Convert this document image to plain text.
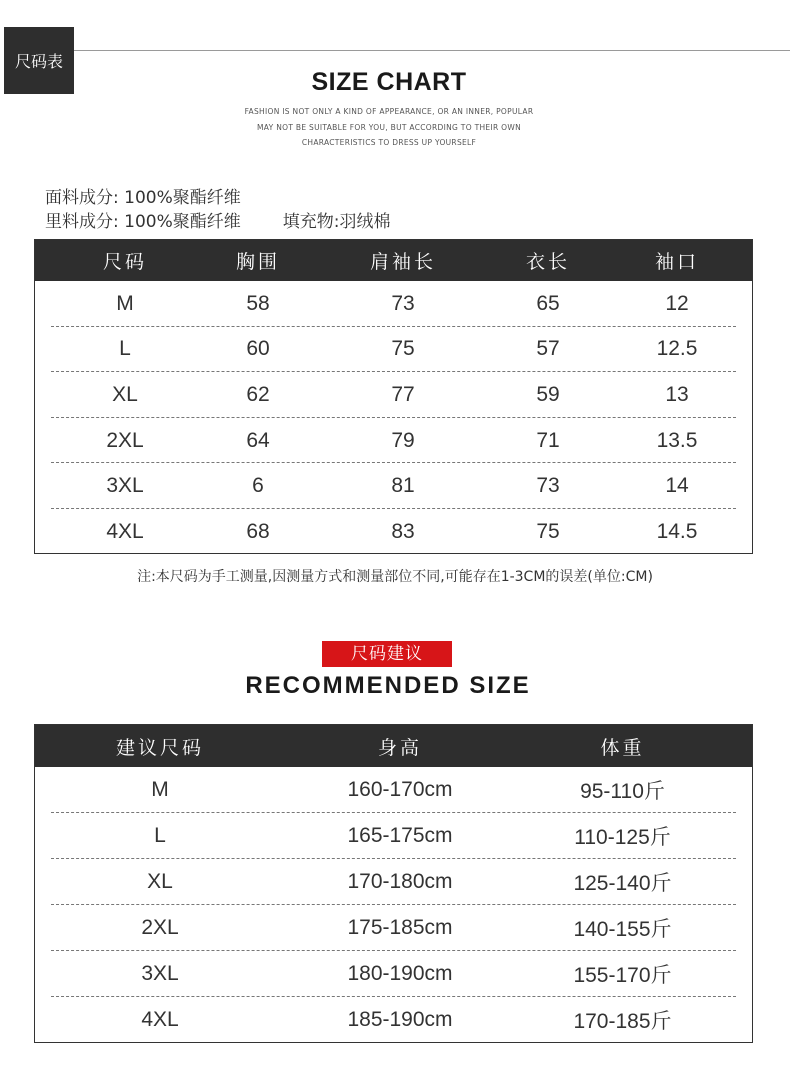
尺码表
SIZE CHART
FASHION IS NOT ONLY A KIND OF APPEARANCE, OR AN INNER, POPULAR
MAY NOT BE SUITABLE FOR YOU, BUT ACCORDING TO THEIR OWN
CHARACTERISTICS TO DRESS UP YOURSELF
面料成分: 100%聚酯纤维
里料成分: 100%聚酯纤维 填充物:羽绒棉
尺码	胸围	肩袖长	衣长	袖口
M	58	73	65	12
L	60	75	57	12.5
XL	62	77	59	13
2XL	64	79	71	13.5
3XL	6	81	73	14
4XL	68	83	75	14.5
注:本尺码为手工测量,因测量方式和测量部位不同,可能存在1-3CM的误差(单位:CM)
尺码建议
RECOMMENDED SIZE
建议尺码	身高	体重
M	160-170cm	95-110斤
L	165-175cm	110-125斤
XL	170-180cm	125-140斤
2XL	175-185cm	140-155斤
3XL	180-190cm	155-170斤
4XL	185-190cm	170-185斤
